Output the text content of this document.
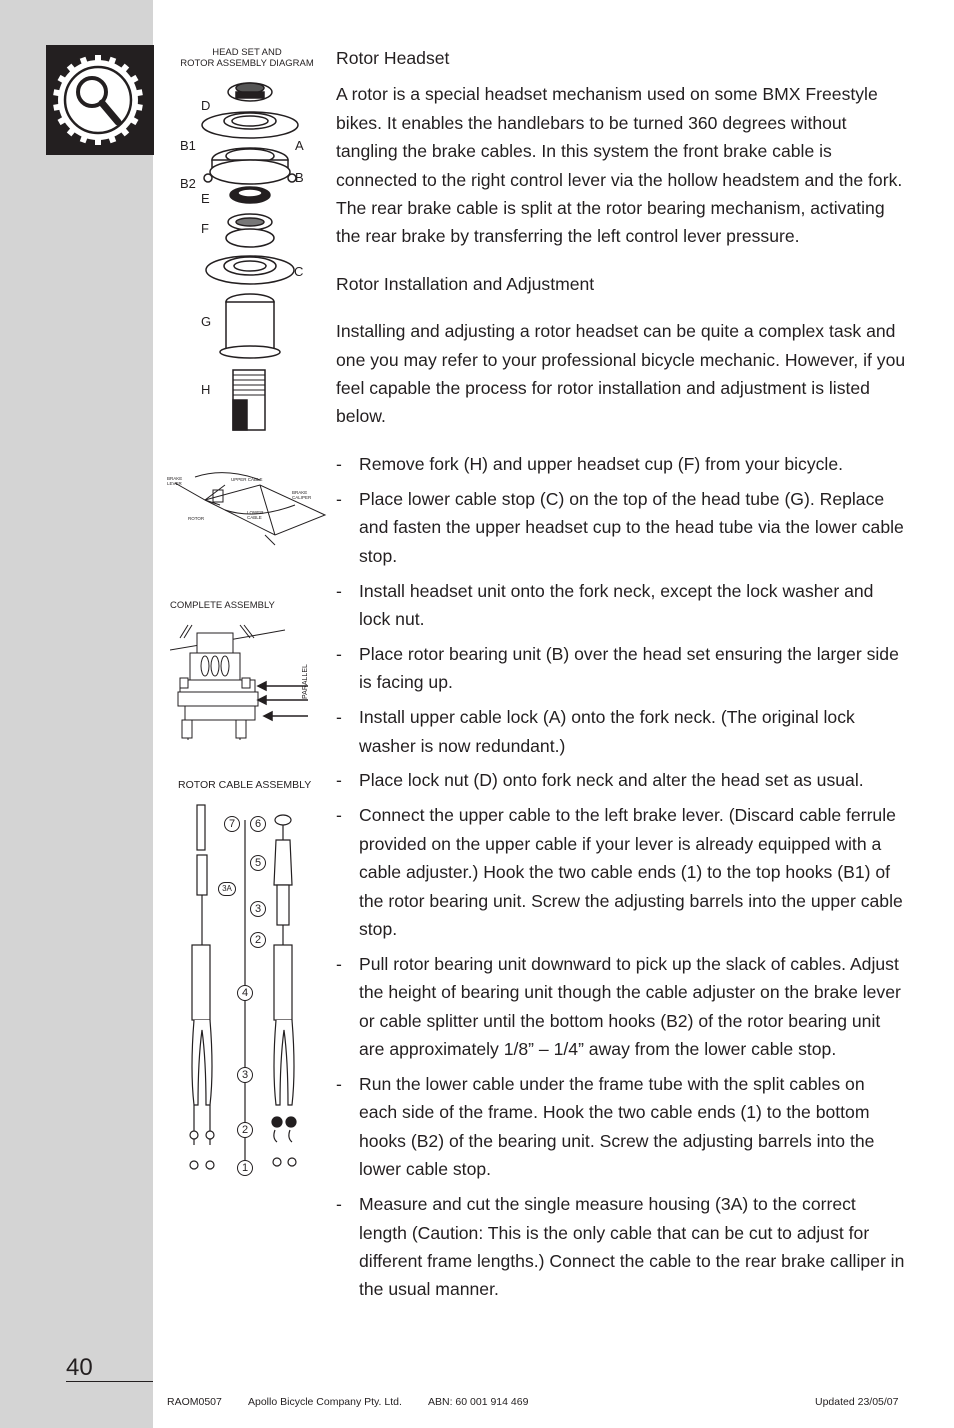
HEAD SET AND
ROTOR ASSEMBLY DIAGRAM
D
B1	A
B2	B
E
F
C
G
H
BRAKE
LEVER
UPPER CABLE
BRAKE
CALIPER
ROTOR
LOWER
CABLE
COMPLETE ASSEMBLY
PARALLEL
ROTOR CABLE ASSEMBLY
7	6
5
3A
3
2
4
3
2
1
Rotor Headset

A rotor is a special headset mechanism used on some BMX Freestyle bikes. It enables the handlebars to be turned 360 degrees without tangling the brake cables. In this system the front brake cable is connected to the right control lever via the hollow headstem and the fork. The rear brake cable is split at the rotor bearing mechanism, activating the rear brake by transferring the left control lever pressure.

Rotor Installation and Adjustment

Installing and adjusting a rotor headset can be quite a complex task and one you may refer to your professional bicycle mechanic. However, if you feel capable the process for rotor installation and adjustment is listed below.

- Remove fork (H) and upper headset cup (F) from your bicycle.
- Place lower cable stop (C) on the top of the head tube (G). Replace and fasten the upper headset cup to the head tube via the lower cable stop.
- Install headset unit onto the fork neck, except the lock washer and lock nut.
- Place rotor bearing unit (B) over the head set ensuring the larger side is facing up.
- Install upper cable lock (A) onto the fork neck. (The original lock washer is now redundant.)
- Place lock nut (D) onto fork neck and alter the head set as usual.
- Connect the upper cable to the left brake lever. (Discard cable ferrule provided on the upper cable if your lever is already equipped with a cable adjuster.) Hook the two cable ends (1) to the top hooks (B1) of the rotor bearing unit. Screw the adjusting barrels into the upper cable stop.
- Pull rotor bearing unit downward to pick up the slack of cables. Adjust the height of bearing unit though the cable adjuster on the brake lever or cable splitter until the bottom hooks (B2) of the rotor bearing unit are approximately 1/8” – 1/4” away from the lower cable stop.
- Run the lower cable under the frame tube with the split cables on each side of the frame. Hook the two cable ends (1) to the bottom hooks (B2) of the bearing unit. Screw the adjusting barrels into the lower cable stop.
- Measure and cut the single measure housing (3A) to the correct length (Caution: This is the only cable that can be cut to adjust for different frame lengths.) Connect the cable to the rear brake calliper in the usual manner.
40
RAOM0507 Apollo Bicycle Company Pty. Ltd. ABN: 60 001 914 469	Updated 23/05/07
